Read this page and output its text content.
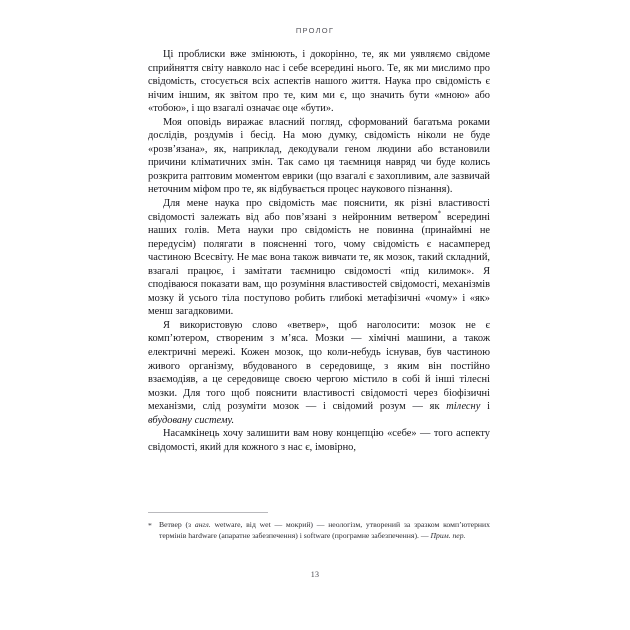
ПРОЛОГ

Ці проблиски вже змінюють, і докорінно, те, як ми уявляємо свідоме сприйняття світу навколо нас і себе всередині нього. Те, як ми мислимо про свідомість, стосується всіх аспектів нашого життя. Наука про свідомість є нічим іншим, як звітом про те, ким ми є, що значить бути «мною» або «тобою», і що взагалі означає оце «бути».

Моя оповідь виражає власний погляд, сформований багатьма роками дослідів, роздумів і бесід. На мою думку, свідомість ніколи не буде «розв’язана», як, наприклад, декодували геном людини або встановили причини кліматичних змін. Так само ця таємниця навряд чи буде колись розкрита раптовим моментом еврики (що взагалі є захопливим, але зазвичай неточним міфом про те, як відбувається процес наукового пізнання).

Для мене наука про свідомість має пояснити, як різні властивості свідомості залежать від або пов’язані з нейронним ветвером* всередині наших голів. Мета науки про свідомість не повинна (принаймні не передусім) полягати в поясненні того, чому свідомість є насамперед частиною Всесвіту. Не має вона також вивчати те, як мозок, такий складний, взагалі працює, і замітати таємницю свідомості «під килимок». Я сподіваюся показати вам, що розуміння властивостей свідомості, механізмів мозку й усього тіла поступово робить глибокі метафізичні «чому» і «як» менш загадковими.

Я використовую слово «ветвер», щоб наголосити: мозок не є комп’ютером, створеним з м’яса. Мозки — хімічні машини, а також електричні мережі. Кожен мозок, що коли-небудь існував, був частиною живого організму, вбудованого в середовище, з яким він постійно взаємодіяв, а це середовище своєю чергою містило в собі й інші тілесні мозки. Для того щоб пояснити властивості свідомості через біофізичні механізми, слід розуміти мозок — і свідомий розум — як тілесну і вбудовану систему.

Насамкінець хочу залишити вам нову концепцію «себе» — того аспекту свідомості, який для кожного з нас є, імовірно,

* Ветвер (з англ. wetware, від wet — мокрий) — неологізм, утворений за зразком комп’ютерних термінів hardware (апаратне забезпечення) і software (програмне забезпечення). — Прим. пер.

13
